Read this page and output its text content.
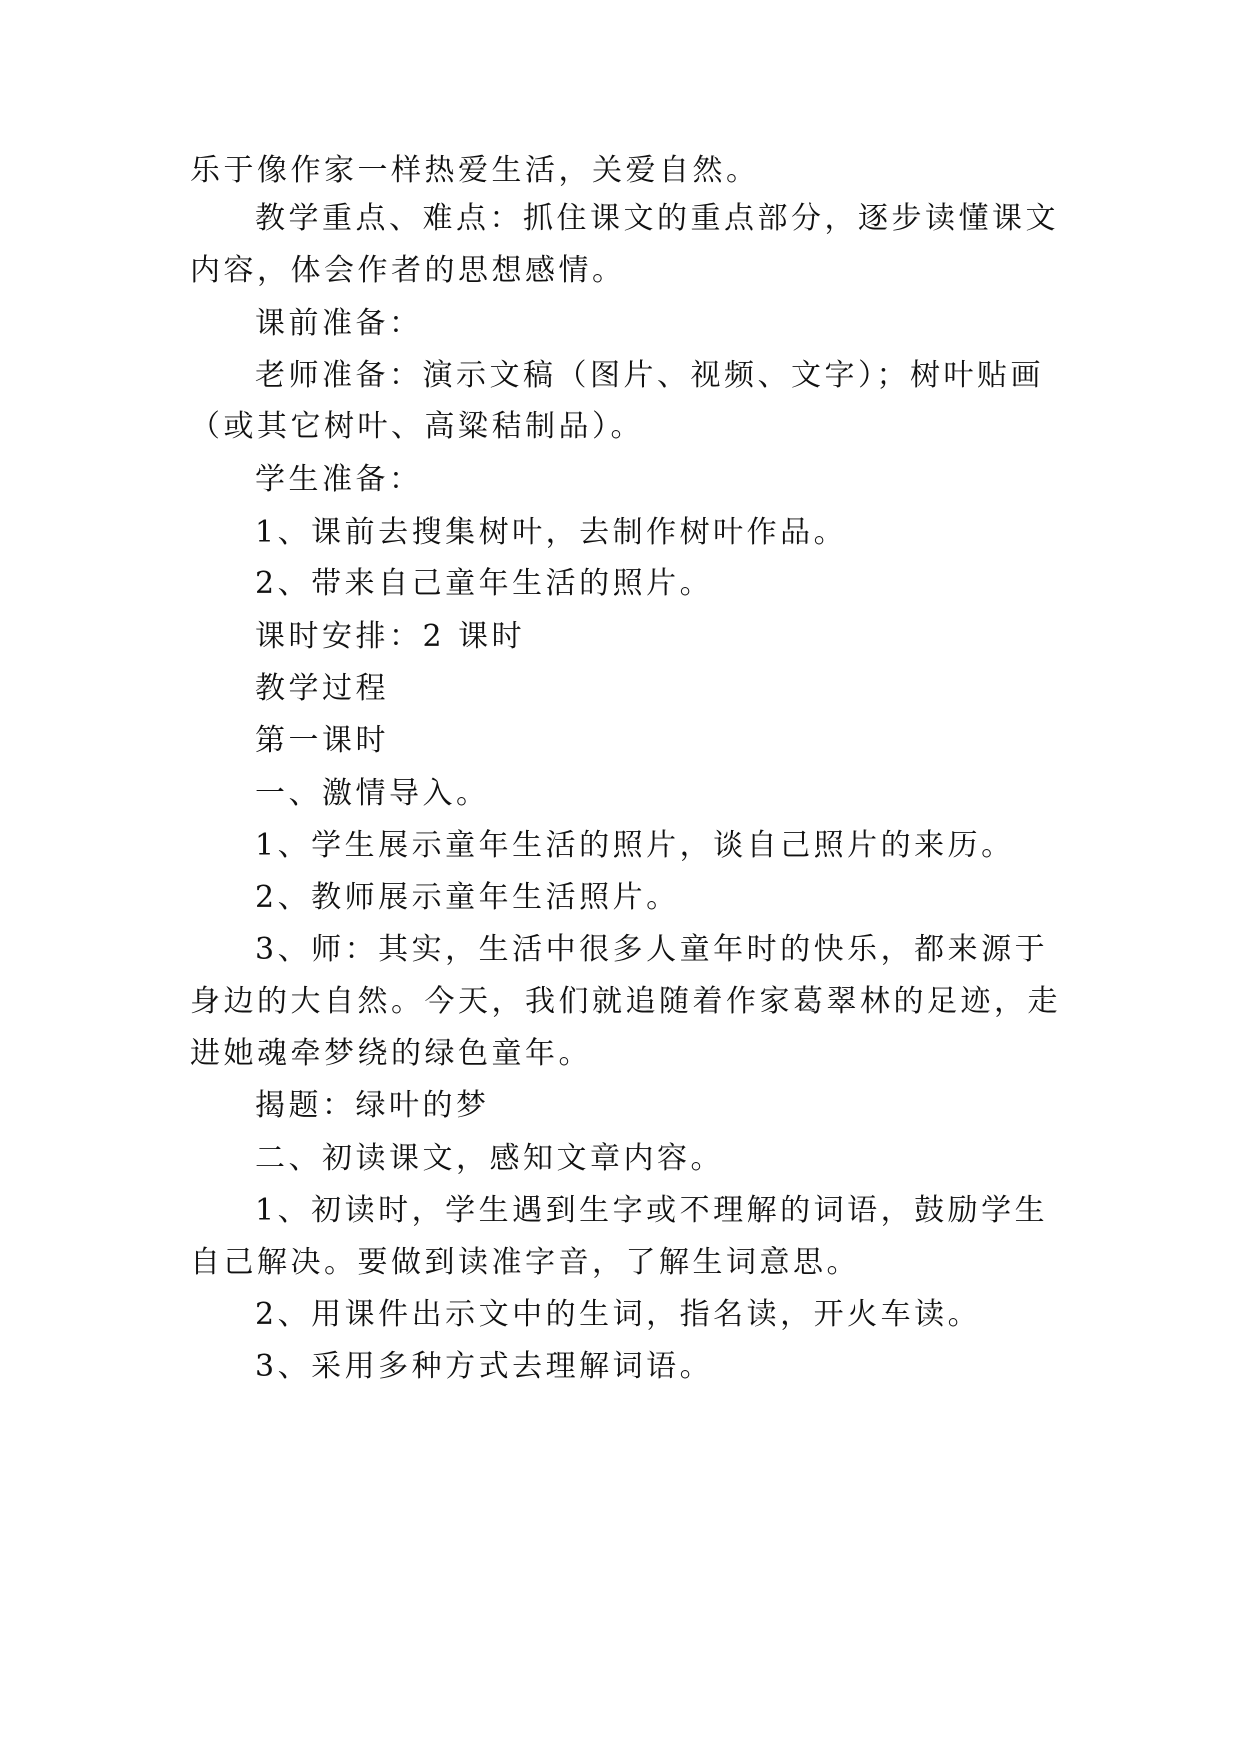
乐于像作家一样热爱生活，关爱自然。
教学重点、难点：抓住课文的重点部分，逐步读懂课文
内容，体会作者的思想感情。
课前准备：
老师准备：演示文稿（图片、视频、文字）；树叶贴画
（或其它树叶、高粱秸制品）。
学生准备：
1、课前去搜集树叶，去制作树叶作品。
2、带来自己童年生活的照片。
课时安排：2 课时
教学过程
第一课时
一、激情导入。
1、学生展示童年生活的照片，谈自己照片的来历。
2、教师展示童年生活照片。
3、师：其实，生活中很多人童年时的快乐，都来源于
身边的大自然。今天，我们就追随着作家葛翠林的足迹，走
进她魂牵梦绕的绿色童年。
揭题：绿叶的梦
二、初读课文，感知文章内容。
1、初读时，学生遇到生字或不理解的词语，鼓励学生
自己解决。要做到读准字音，了解生词意思。
2、用课件出示文中的生词，指名读，开火车读。
3、采用多种方式去理解词语。
